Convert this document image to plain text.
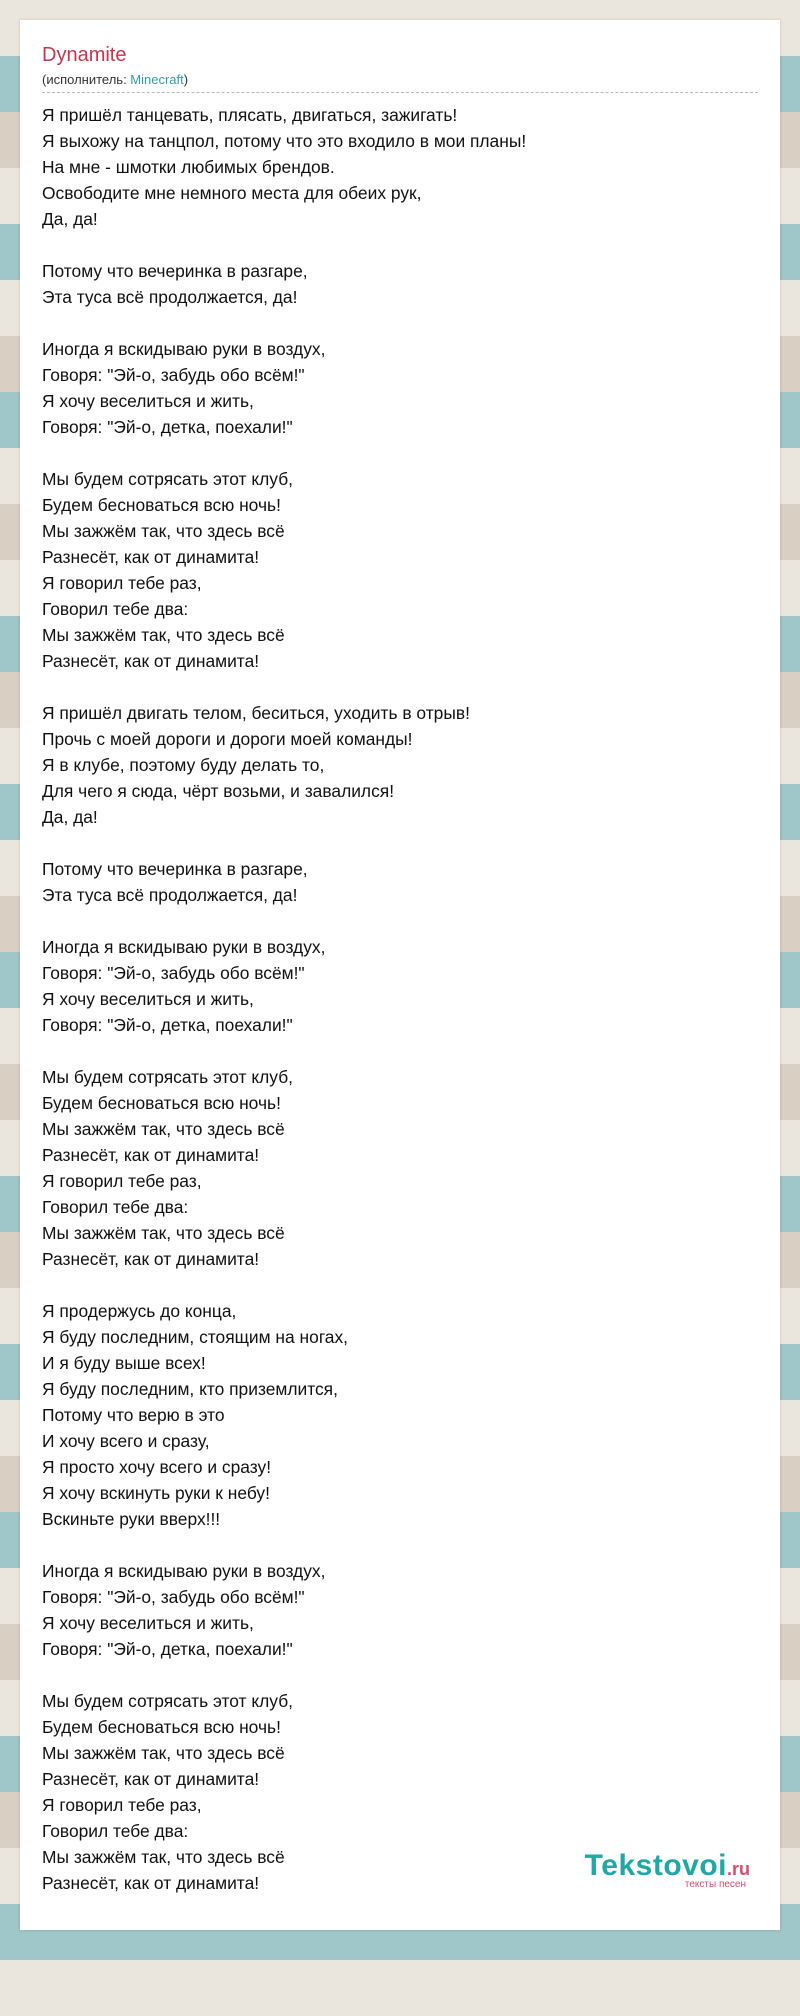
Dynamite
(исполнитель: Minecraft)
Я пришёл танцевать, плясать, двигаться, зажигать!
Я выхожу на танцпол, потому что это входило в мои планы!
На мне - шмотки любимых брендов.
Освободите мне немного места для обеих рук,
Да, да!
Потому что вечеринка в разгаре,
Эта туса всё продолжается, да!
Иногда я вскидываю руки в воздух,
Говоря: "Эй-о, забудь обо всём!"
Я хочу веселиться и жить,
Говоря: "Эй-о, детка, поехали!"
Мы будем сотрясать этот клуб,
Будем бесноваться всю ночь!
Мы зажжём так, что здесь всё
Разнесёт, как от динамита!
Я говорил тебе раз,
Говорил тебе два:
Мы зажжём так, что здесь всё
Разнесёт, как от динамита!
Я пришёл двигать телом, беситься, уходить в отрыв!
Прочь с моей дороги и дороги моей команды!
Я в клубе, поэтому буду делать то,
Для чего я сюда, чёрт возьми, и завалился!
Да, да!
Потому что вечеринка в разгаре,
Эта туса всё продолжается, да!
Иногда я вскидываю руки в воздух,
Говоря: "Эй-о, забудь обо всём!"
Я хочу веселиться и жить,
Говоря: "Эй-о, детка, поехали!"
Мы будем сотрясать этот клуб,
Будем бесноваться всю ночь!
Мы зажжём так, что здесь всё
Разнесёт, как от динамита!
Я говорил тебе раз,
Говорил тебе два:
Мы зажжём так, что здесь всё
Разнесёт, как от динамита!
Я продержусь до конца,
Я буду последним, стоящим на ногах,
И я буду выше всех!
Я буду последним, кто приземлится,
Потому что верю в это
И хочу всего и сразу,
Я просто хочу всего и сразу!
Я хочу вскинуть руки к небу!
Вскиньте руки вверх!!!
Иногда я вскидываю руки в воздух,
Говоря: "Эй-о, забудь обо всём!"
Я хочу веселиться и жить,
Говоря: "Эй-о, детка, поехали!"
Мы будем сотрясать этот клуб,
Будем бесноваться всю ночь!
Мы зажжём так, что здесь всё
Разнесёт, как от динамита!
Я говорил тебе раз,
Говорил тебе два:
Мы зажжём так, что здесь всё
Разнесёт, как от динамита!
Tekstovoi.ru
тексты песен
